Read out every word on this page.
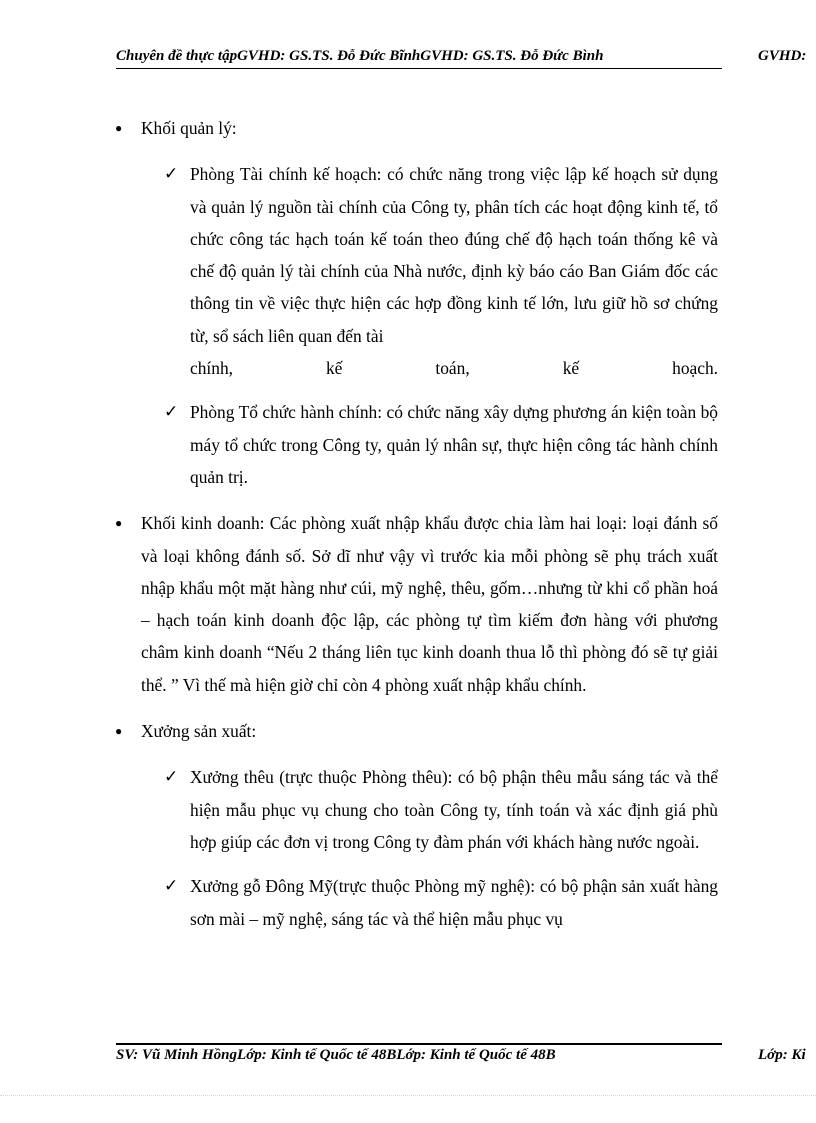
Chuyên đề thực tậpGVHD: GS.TS. Đỗ Đức BĩnhGVHD: GS.TS. Đỗ Đức Bình	GVHD:
● Khối quản lý:
✓ Phòng Tài chính kế hoạch: có chức năng trong việc lập kế hoạch sử dụng và quản lý nguồn tài chính của Công ty, phân tích các hoạt động kinh tế, tổ chức công tác hạch toán kế toán theo đúng chế độ hạch toán thống kê và chế độ quản lý tài chính của Nhà nước, định kỳ báo cáo Ban Giám đốc các thông tin về việc thực hiện các hợp đồng kinh tế lớn, lưu giữ hồ sơ chứng từ, sổ sách liên quan đến tài
chính,	kế	toán,	kế	hoạch.
✓ Phòng Tổ chức hành chính: có chức năng xây dựng phương án kiện toàn bộ máy tổ chức trong Công ty, quản lý nhân sự, thực hiện công tác hành chính quản trị.
● Khối kinh doanh: Các phòng xuất nhập khẩu được chia làm hai loại: loại đánh số và loại không đánh số. Sở dĩ như vậy vì trước kia mỗi phòng sẽ phụ trách xuất nhập khẩu một mặt hàng như cúi, mỹ nghệ, thêu, gốm…nhưng từ khi cổ phần hoá – hạch toán kinh doanh độc lập, các phòng tự tìm kiếm đơn hàng với phương châm kinh doanh “Nếu 2 tháng liên tục kinh doanh thua lỗ thì phòng đó sẽ tự giải thể. ” Vì thế mà hiện giờ chỉ còn 4 phòng xuất nhập khẩu chính.
● Xưởng sản xuất:
✓ Xưởng thêu (trực thuộc Phòng thêu): có bộ phận thêu mẫu sáng tác và thể hiện mẫu phục vụ chung cho toàn Công ty, tính toán và xác định giá phù hợp giúp các đơn vị trong Công ty đàm phán với khách hàng nước ngoài.
✓ Xưởng gỗ Đông Mỹ(trực thuộc Phòng mỹ nghệ): có bộ phận sản xuất hàng sơn mài – mỹ nghệ, sáng tác và thể hiện mẫu phục vụ
SV: Vũ Minh HồngLớp: Kinh tế Quốc tế 48BLớp: Kinh tế Quốc tế 48B	Lớp: Ki
